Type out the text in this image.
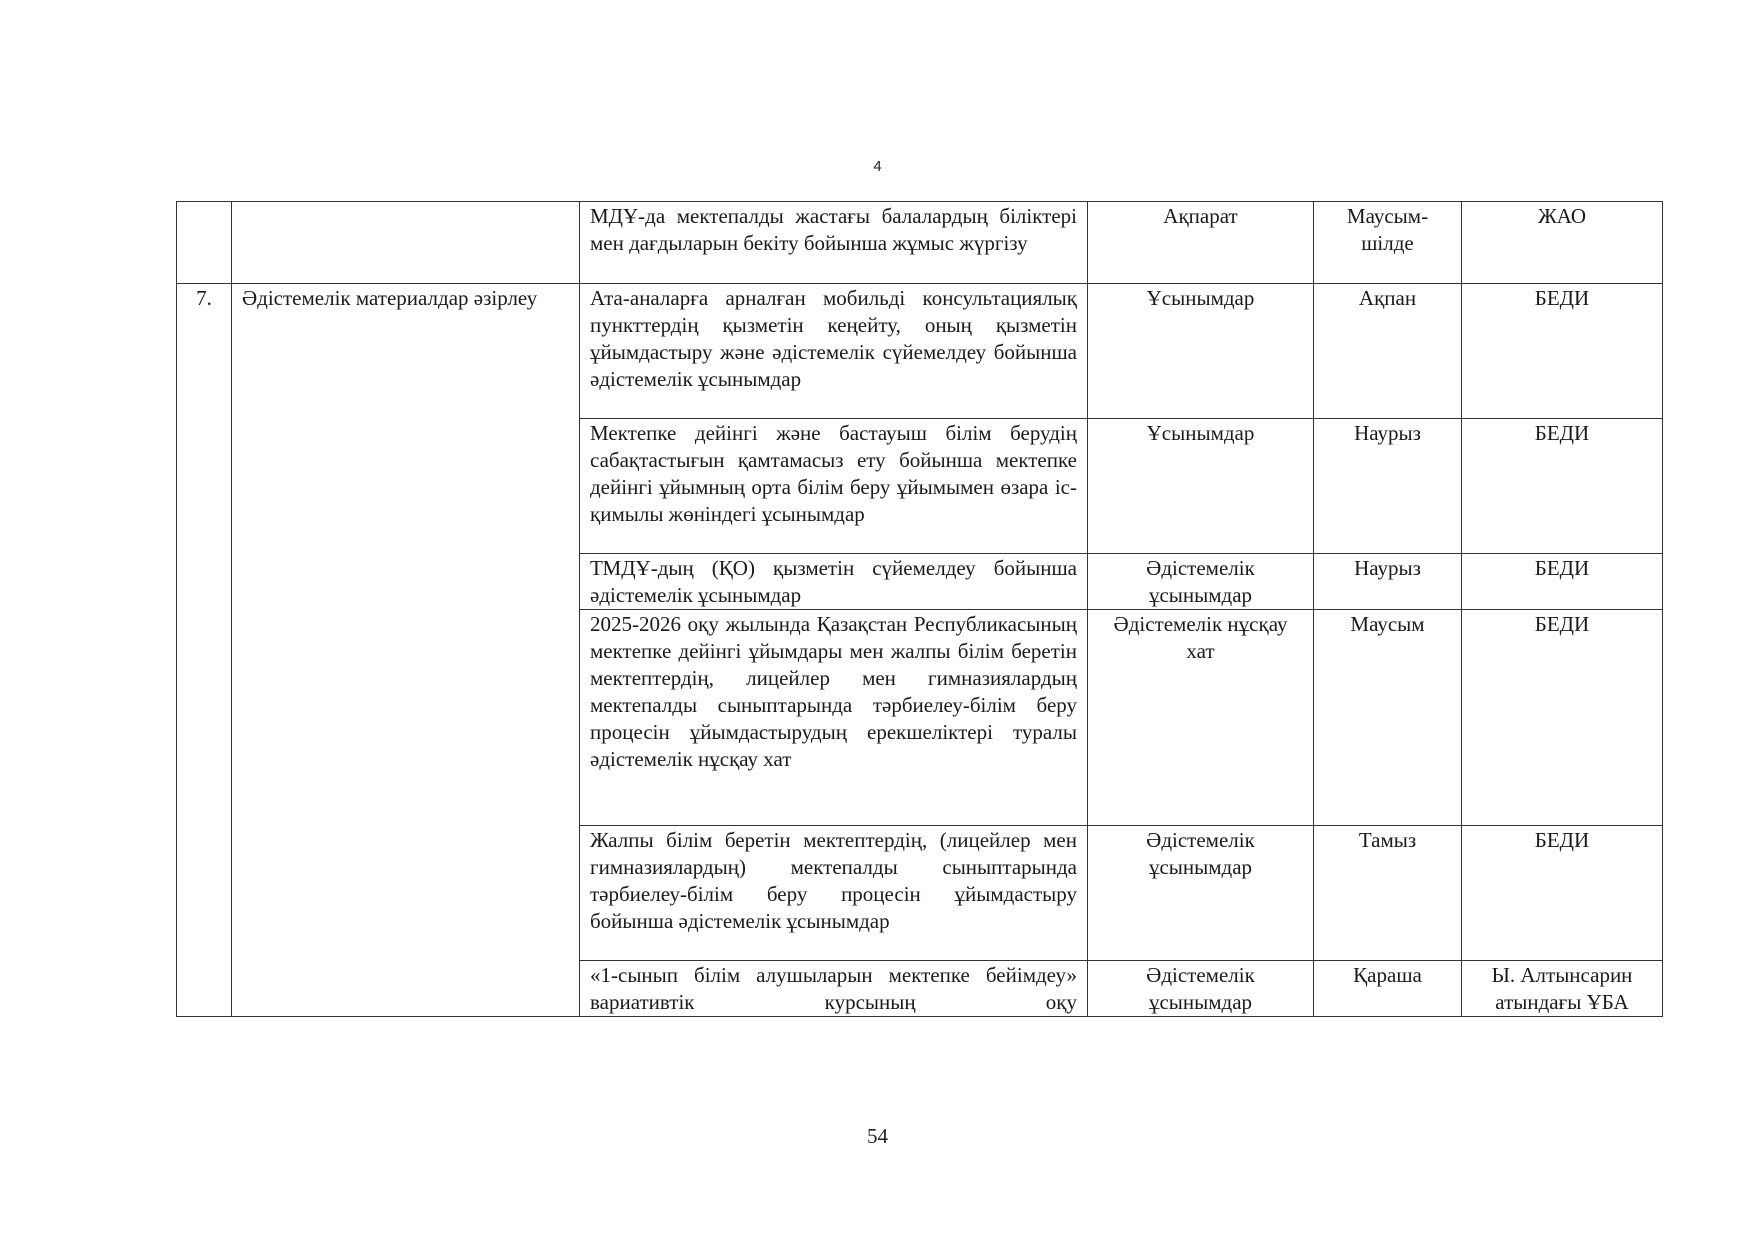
4
		МДҰ-да мектепалды жастағы балалардың біліктері мен дағдыларын бекіту бойынша жұмыс жүргізу	Ақпарат	Маусым-шілде	ЖАО
7.	Әдістемелік материалдар әзірлеу	Ата-аналарға арналған мобильді консультациялық пункттердің қызметін кеңейту, оның қызметін ұйымдастыру және әдістемелік сүйемелдеу бойынша әдістемелік ұсынымдар	Ұсынымдар	Ақпан	БЕДИ
		Мектепке дейінгі және бастауыш білім берудің сабақтастығын қамтамасыз ету бойынша мектепке дейінгі ұйымның орта білім беру ұйымымен өзара іс-қимылы жөніндегі ұсынымдар	Ұсынымдар	Наурыз	БЕДИ
		ТМДҰ-дың (ҚО) қызметін сүйемелдеу бойынша әдістемелік ұсынымдар	Әдістемелік ұсынымдар	Наурыз	БЕДИ
		2025-2026 оқу жылында Қазақстан Республикасының мектепке дейінгі ұйымдары мен жалпы білім беретін мектептердің, лицейлер мен гимназиялардың мектепалды сыныптарында тәрбиелеу-білім беру процесін ұйымдастырудың ерекшеліктері туралы әдістемелік нұсқау хат	Әдістемелік нұсқау хат	Маусым	БЕДИ
		Жалпы білім беретін мектептердің, (лицейлер мен гимназиялардың) мектепалды сыныптарында тәрбиелеу-білім беру процесін ұйымдастыру бойынша әдістемелік ұсынымдар	Әдістемелік ұсынымдар	Тамыз	БЕДИ
		«1-сынып білім алушыларын мектепке бейімдеу» вариативтік курсының оқу	Әдістемелік ұсынымдар	Қараша	Ы. Алтынсарин атындағы ҰБА
54
